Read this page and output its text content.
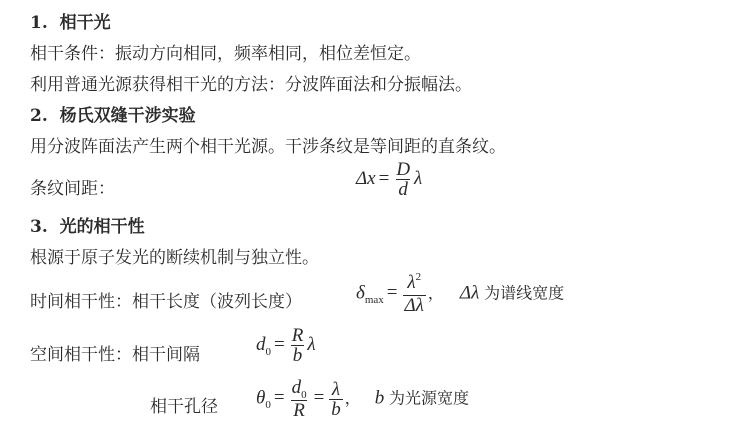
1. 相干光
相干条件：振动方向相同，频率相同，相位差恒定。
利用普通光源获得相干光的方法：分波阵面法和分振幅法。
2. 杨氏双缝干涉实验
用分波阵面法产生两个相干光源。干涉条纹是等间距的直条纹。
条纹间距：
$\Delta x = \frac{D}{d}$ λ
3. 光的相干性
根源于原子发光的断续机制与独立性。
时间相干性：相干长度（波列长度）	$\delta_{max} = \frac{\lambda^2}{\Delta\lambda}$ ， Δλ 为谱线宽度
空间相干性：相干间隔
$d_0 = \frac{R}{b}$ λ
相干孔径 $\theta_0 = \frac{d_0}{R} = \frac{\lambda}{b}$ ， b 为光源宽度
